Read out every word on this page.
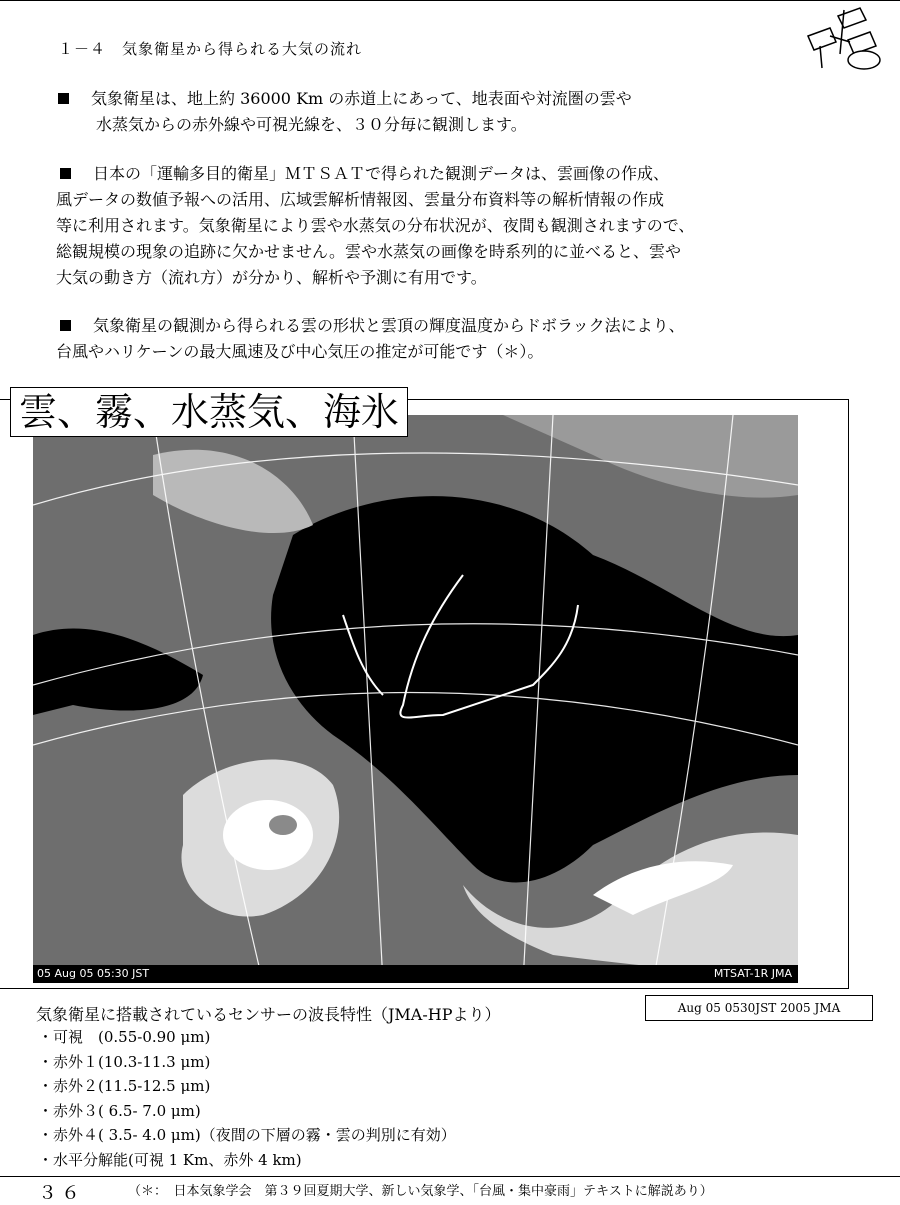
１－４　気象衛星から得られる大気の流れ
気象衛星は、地上約 36000 Km の赤道上にあって、地表面や対流圏の雲や
水蒸気からの赤外線や可視光線を、３０分毎に観測します。
日本の「運輸多目的衛星」ＭＴＳＡＴで得られた観測データは、雲画像の作成、
風データの数値予報への活用、広域雲解析情報図、雲量分布資料等の解析情報の作成
等に利用されます。気象衛星により雲や水蒸気の分布状況が、夜間も観測されますので、
総観規模の現象の追跡に欠かせません。雲や水蒸気の画像を時系列的に並べると、雲や
大気の動き方（流れ方）が分かり、解析や予測に有用です。
気象衛星の観測から得られる雲の形状と雲頂の輝度温度からドボラック法により、
台風やハリケーンの最大風速及び中心気圧の推定が可能です（＊）。
05 Aug 05 05:30 JST	MTSAT-1R JMA
雲、霧、水蒸気、海氷
Aug 05 0530JST 2005 JMA
気象衛星に搭載されているセンサーの波長特性（JMA-HPより）
・可視　(0.55-0.90 μm)
・赤外１(10.3-11.3 μm)
・赤外２(11.5-12.5 μm)
・赤外３( 6.5- 7.0 μm)
・赤外４( 3.5- 4.0 μm)（夜間の下層の霧・雲の判別に有効）
・水平分解能(可視 1 Km、赤外 4 km)
３６	（＊：　日本気象学会　第３９回夏期大学、新しい気象学、「台風・集中豪雨」テキストに解説あり）
